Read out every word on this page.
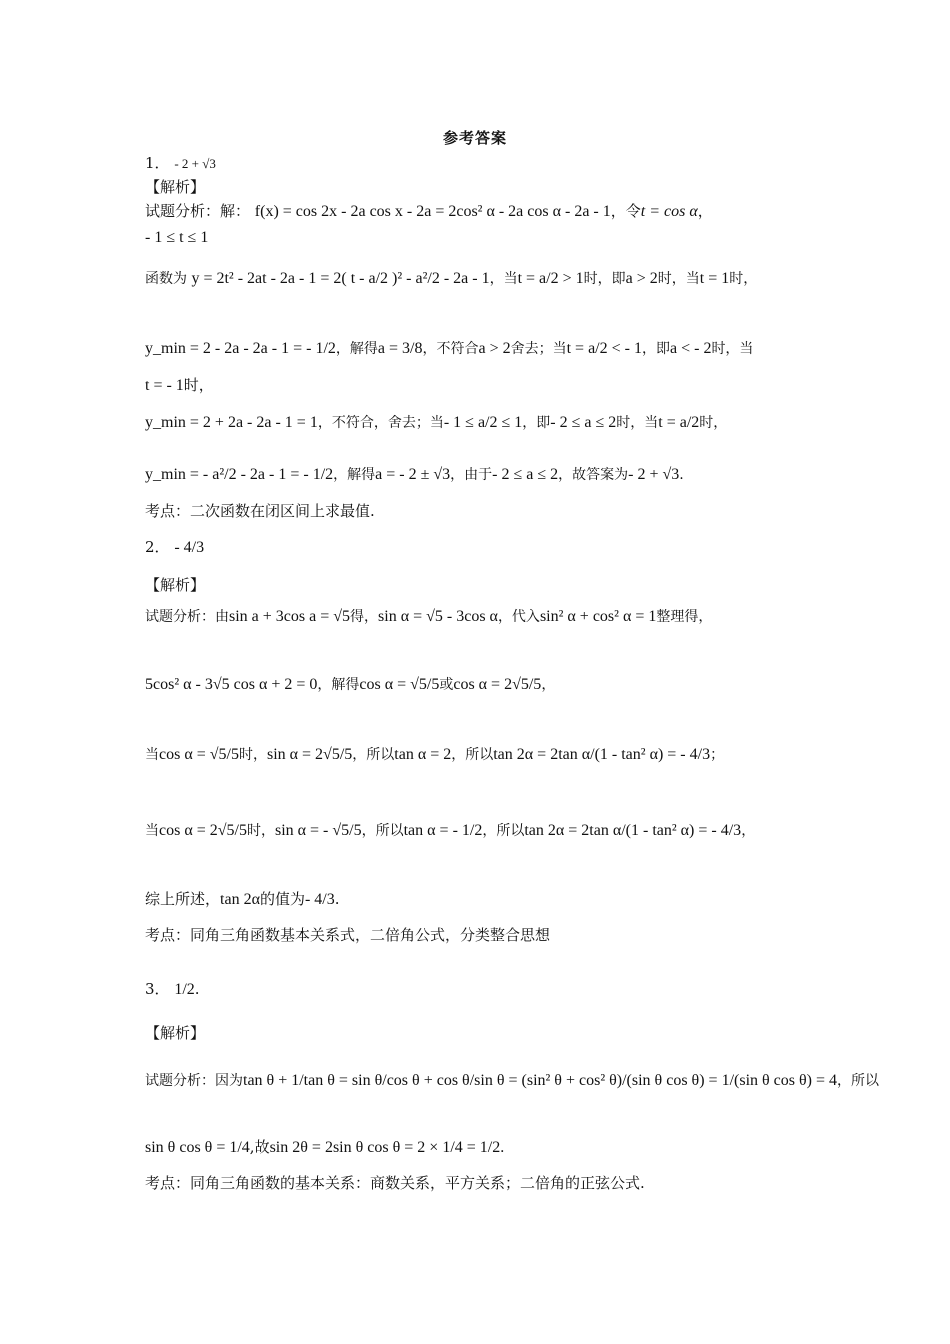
参考答案
1． - 2 + √3
【解析】
试题分析：解： f(x) = cos 2x - 2a cos x - 2a = 2cos² α - 2a cos α - 2a - 1，令t = cos α，
- 1 ≤ t ≤ 1
函数为 y = 2t² - 2at - 2a - 1 = 2( t - a/2 )² - a²/2 - 2a - 1，当t = a/2 > 1时，即a > 2时，当t = 1时，
y_min = 2 - 2a - 2a - 1 = - 1/2，解得a = 3/8，不符合a > 2舍去；当t = a/2 < - 1，即a < - 2时，当
t = - 1时，
y_min = 2 + 2a - 2a - 1 = 1，不符合，舍去；当- 1 ≤ a/2 ≤ 1，即- 2 ≤ a ≤ 2时，当t = a/2时，
y_min = - a²/2 - 2a - 1 = - 1/2，解得a = - 2 ± √3，由于- 2 ≤ a ≤ 2，故答案为- 2 + √3.
考点：二次函数在闭区间上求最值.
2． - 4/3
【解析】
试题分析：由sin a + 3cos a = √5得，sin α = √5 - 3cos α，代入sin² α + cos² α = 1整理得，
5cos² α - 3√5 cos α + 2 = 0，解得cos α = √5/5或cos α = 2√5/5，
当cos α = √5/5时，sin α = 2√5/5，所以tan α = 2，所以tan 2α = 2tan α/(1 - tan² α) = - 4/3；
当cos α = 2√5/5时，sin α = - √5/5，所以tan α = - 1/2，所以tan 2α = 2tan α/(1 - tan² α) = - 4/3，
综上所述，tan 2α的值为- 4/3.
考点：同角三角函数基本关系式，二倍角公式，分类整合思想
3． 1/2.
【解析】
试题分析：因为tan θ + 1/tan θ = sin θ/cos θ + cos θ/sin θ = (sin² θ + cos² θ)/(sin θ cos θ) = 1/(sin θ cos θ) = 4，所以
sin θ cos θ = 1/4,故sin 2θ = 2sin θ cos θ = 2 × 1/4 = 1/2.
考点：同角三角函数的基本关系：商数关系，平方关系；二倍角的正弦公式.
